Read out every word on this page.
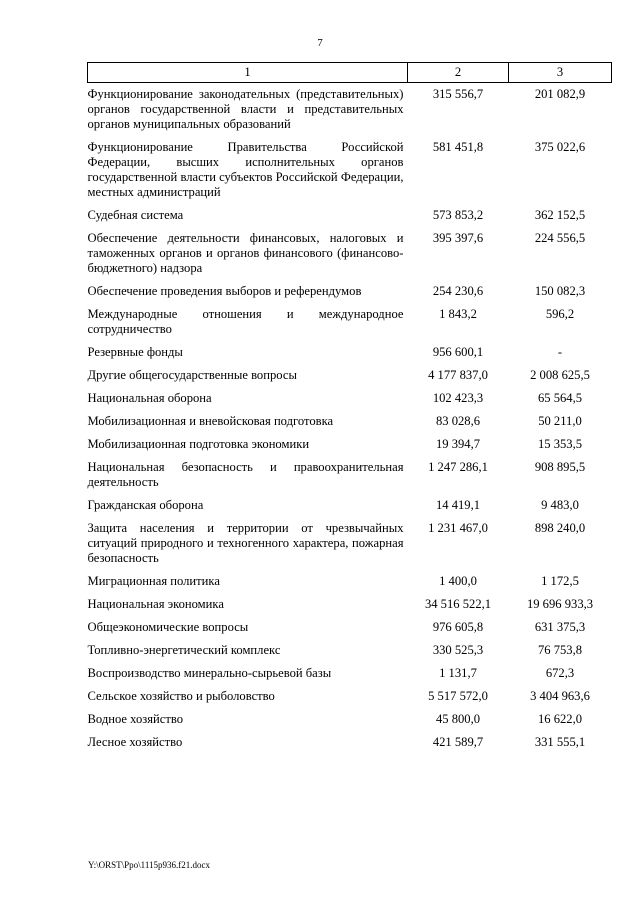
7
1	2	3
Функционирование законодательных (представительных) органов государственной власти и представительных органов муниципальных образований	315 556,7	201 082,9
Функционирование Правительства Российской Федерации, высших исполнительных органов государственной власти субъектов Российской Федерации, местных администраций	581 451,8	375 022,6
Судебная система	573 853,2	362 152,5
Обеспечение деятельности финансовых, налоговых и таможенных органов и органов финансового (финансово-бюджетного) надзора	395 397,6	224 556,5
Обеспечение проведения выборов и референдумов	254 230,6	150 082,3
Международные отношения и международное сотрудничество	1 843,2	596,2
Резервные фонды	956 600,1	-
Другие общегосударственные вопросы	4 177 837,0	2 008 625,5
Национальная оборона	102 423,3	65 564,5
Мобилизационная и вневойсковая подготовка	83 028,6	50 211,0
Мобилизационная подготовка экономики	19 394,7	15 353,5
Национальная безопасность и правоохранительная деятельность	1 247 286,1	908 895,5
Гражданская оборона	14 419,1	9 483,0
Защита населения и территории от чрезвычайных ситуаций природного и техногенного характера, пожарная безопасность	1 231 467,0	898 240,0
Миграционная политика	1 400,0	1 172,5
Национальная экономика	34 516 522,1	19 696 933,3
Общеэкономические вопросы	976 605,8	631 375,3
Топливно-энергетический комплекс	330 525,3	76 753,8
Воспроизводство минерально-сырьевой базы	1 131,7	672,3
Сельское хозяйство и рыболовство	5 517 572,0	3 404 963,6
Водное хозяйство	45 800,0	16 622,0
Лесное хозяйство	421 589,7	331 555,1
Y:\ORST\Ppo\1115p936.f21.docx
